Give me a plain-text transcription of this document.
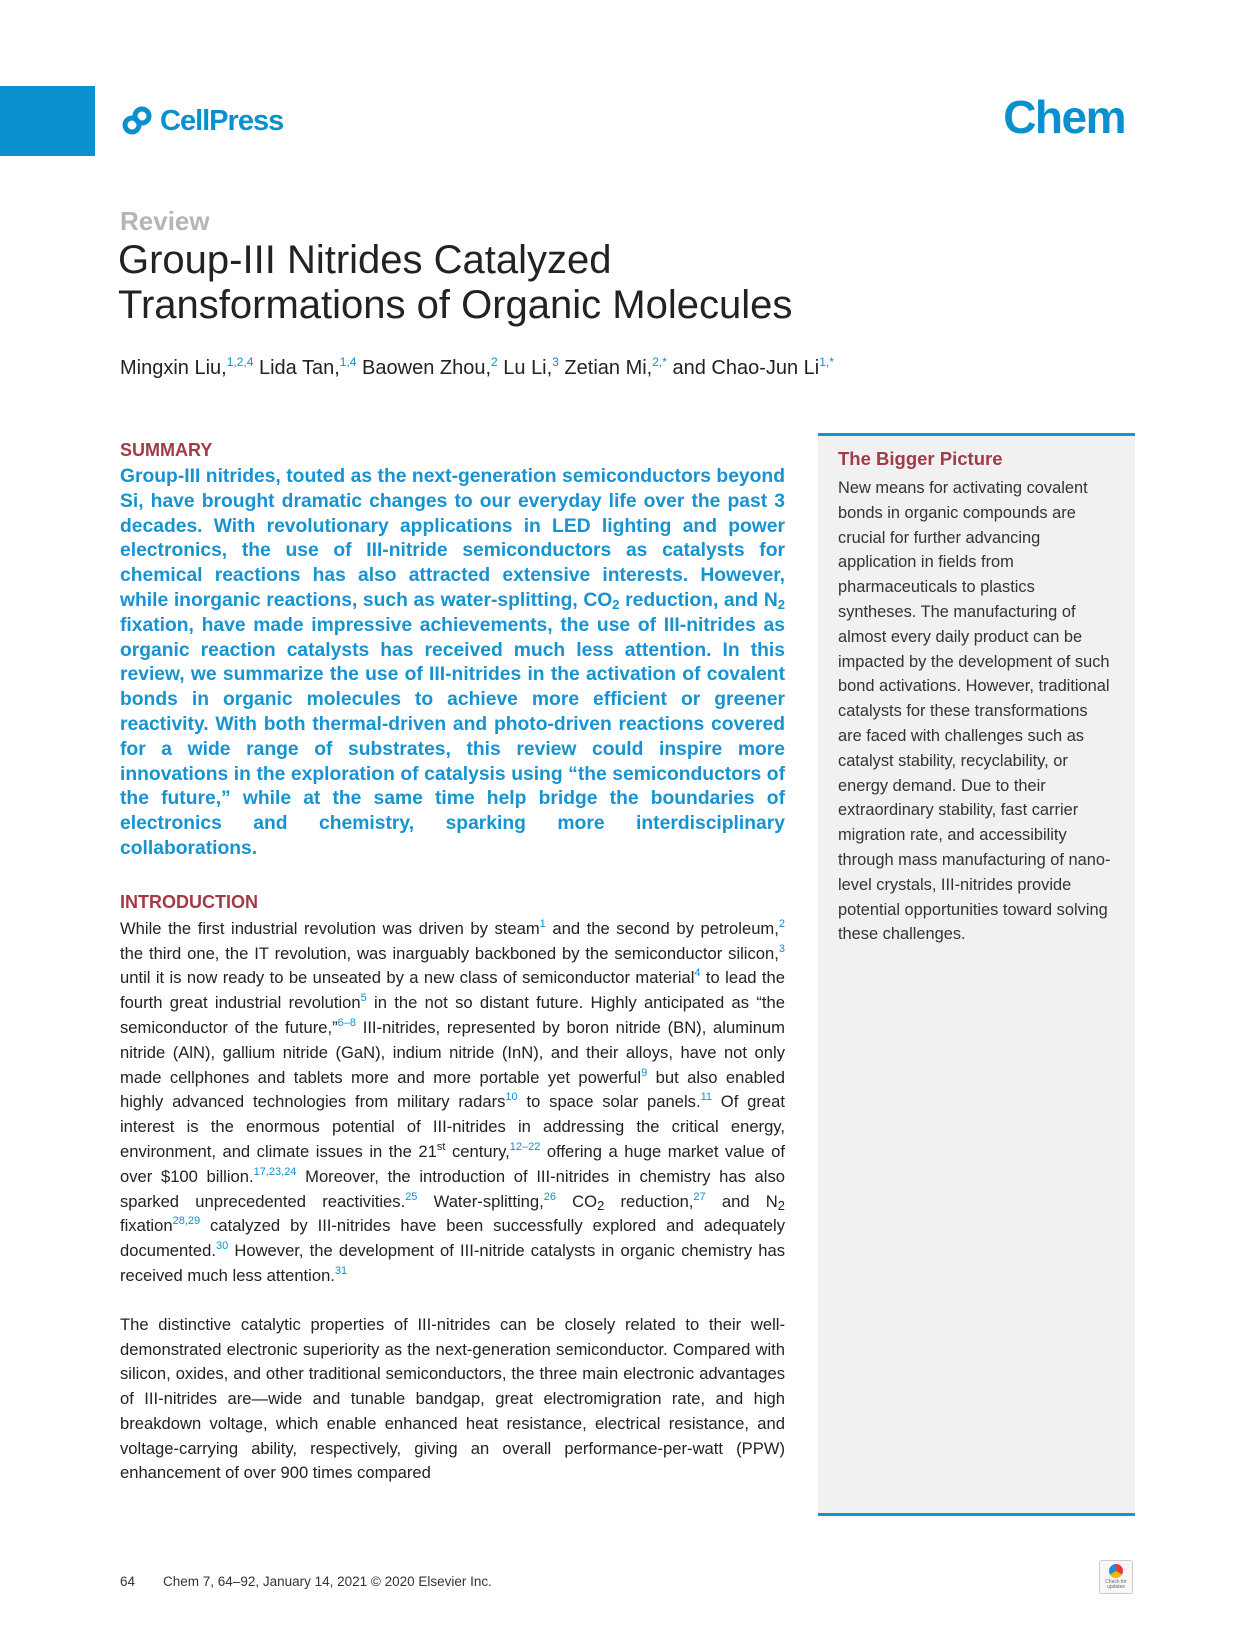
CellPress	Chem
Review
Group-III Nitrides Catalyzed
Transformations of Organic Molecules
Mingxin Liu,$^{1,2,4}$ Lida Tan,$^{1,4}$ Baowen Zhou,$^2$ Lu Li,$^3$ Zetian Mi,$^{2,*}$ and Chao-Jun $Li^{1,*}$
SUMMARY

Group-III nitrides, touted as the next-generation semiconductors beyond Si, have brought dramatic changes to our everyday life over the past 3 decades. With revolutionary applications in LED lighting and power electronics, the use of III-nitride semiconductors as catalysts for chemical reactions has also attracted extensive interests. However, while inorganic reactions, such as water-splitting, $CO_2$ reduction, and $N_2$ fixation, have made impressive achievements, the use of III-nitrides as organic reaction catalysts has received much less attention. In this review, we summarize the use of III-nitrides in the activation of covalent bonds in organic molecules to achieve more efficient or greener reactivity. With both thermal-driven and photo-driven reactions covered for a wide range of substrates, this review could inspire more innovations in the exploration of catalysis using “the semiconductors of the future,” while at the same time help bridge the boundaries of electronics and chemistry, sparking more interdisciplinary collaborations.

INTRODUCTION

While the first industrial revolution was driven by steam$^1$ and the second by petroleum,$^2$ the third one, the IT revolution, was inarguably backboned by the semiconductor silicon,$^3$ until it is now ready to be unseated by a new class of semiconductor material$^4$ to lead the fourth great industrial revolution$^5$ in the not so distant future. Highly anticipated as “the semiconductor of the future,”$^{6-8}$ III-nitrides, represented by boron nitride (BN), aluminum nitride (AlN), gallium nitride (GaN), indium nitride (InN), and their alloys, have not only made cellphones and tablets more and more portable yet powerful$^9$ but also enabled highly advanced technologies from military radars$^{10}$ to space solar panels.$^{11}$ Of great interest is the enormous potential of III-nitrides in addressing the critical energy, environment, and climate issues in the 21st century,$^{12-22}$ offering a huge market value of over $100 billion.$^{17,23,24}$ Moreover, the introduction of III-nitrides in chemistry has also sparked unprecedented reactivities.$^{25}$ Water-splitting,$^{26}$ $CO_2$ reduction,$^{27}$ and $N_2$ fixation$^{28,29}$ catalyzed by III-nitrides have been successfully explored and adequately documented.$^{30}$ However, the development of III-nitride catalysts in organic chemistry has received much less attention.$^{31}$

The distinctive catalytic properties of III-nitrides can be closely related to their well-demonstrated electronic superiority as the next-generation semiconductor. Compared with silicon, oxides, and other traditional semiconductors, the three main electronic advantages of III-nitrides are—wide and tunable bandgap, great electromigration rate, and high breakdown voltage, which enable enhanced heat resistance, electrical resistance, and voltage-carrying ability, respectively, giving an overall performance-per-watt (PPW) enhancement of over 900 times compared

The Bigger Picture

New means for activating covalent bonds in organic compounds are crucial for further advancing application in fields from pharmaceuticals to plastics syntheses. The manufacturing of almost every daily product can be impacted by the development of such bond activations. However, traditional catalysts for these transformations are faced with challenges such as catalyst stability, recyclability, or energy demand. Due to their extraordinary stability, fast carrier migration rate, and accessibility through mass manufacturing of nano-level crystals, III-nitrides provide potential opportunities toward solving these challenges.

64 Chem 7, 64–92, January 14, 2021 © 2020 Elsevier Inc.	Check for updates
